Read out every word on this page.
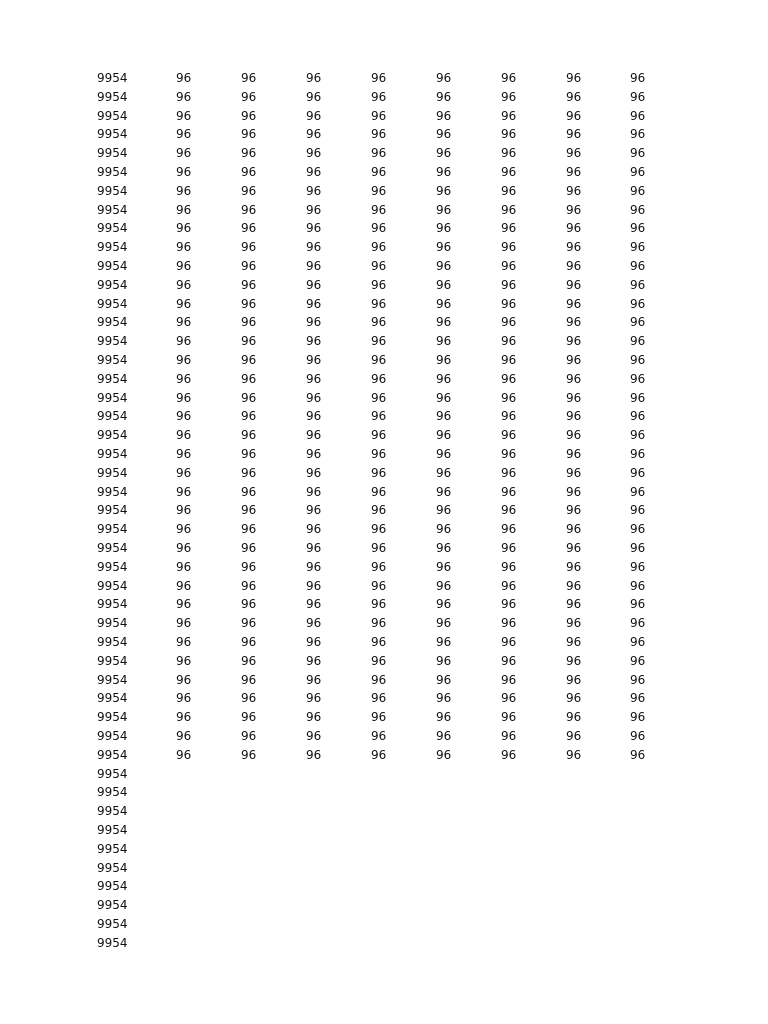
9954
9954
9954
9954
9954
9954
9954
9954
9954
9954
9954
9954
9954
9954
9954
9954
9954
9954
9954
9954
9954
9954
9954
9954
9954
9954
9954
9954
9954
9954
9954
9954
9954
9954
9954
9954
9954
9954
9954
9954
9954
9954
9954
9954
9954
9954
9954
96
96
96
96
96
96
96
96
96
96
96
96
96
96
96
96
96
96
96
96
96
96
96
96
96
96
96
96
96
96
96
96
96
96
96
96
96
96
96
96
96
96
96
96
96
96
96
96
96
96
96
96
96
96
96
96
96
96
96
96
96
96
96
96
96
96
96
96
96
96
96
96
96
96
96
96
96
96
96
96
96
96
96
96
96
96
96
96
96
96
96
96
96
96
96
96
96
96
96
96
96
96
96
96
96
96
96
96
96
96
96
96
96
96
96
96
96
96
96
96
96
96
96
96
96
96
96
96
96
96
96
96
96
96
96
96
96
96
96
96
96
96
96
96
96
96
96
96
96
96
96
96
96
96
96
96
96
96
96
96
96
96
96
96
96
96
96
96
96
96
96
96
96
96
96
96
96
96
96
96
96
96
96
96
96
96
96
96
96
96
96
96
96
96
96
96
96
96
96
96
96
96
96
96
96
96
96
96
96
96
96
96
96
96
96
96
96
96
96
96
96
96
96
96
96
96
96
96
96
96
96
96
96
96
96
96
96
96
96
96
96
96
96
96
96
96
96
96
96
96
96
96
96
96
96
96
96
96
96
96
96
96
96
96
96
96
96
96
96
96
96
96
96
96
96
96
96
96
96
96
96
96
96
96
96
96
96
96
96
96
96
96
96
96
96
96
